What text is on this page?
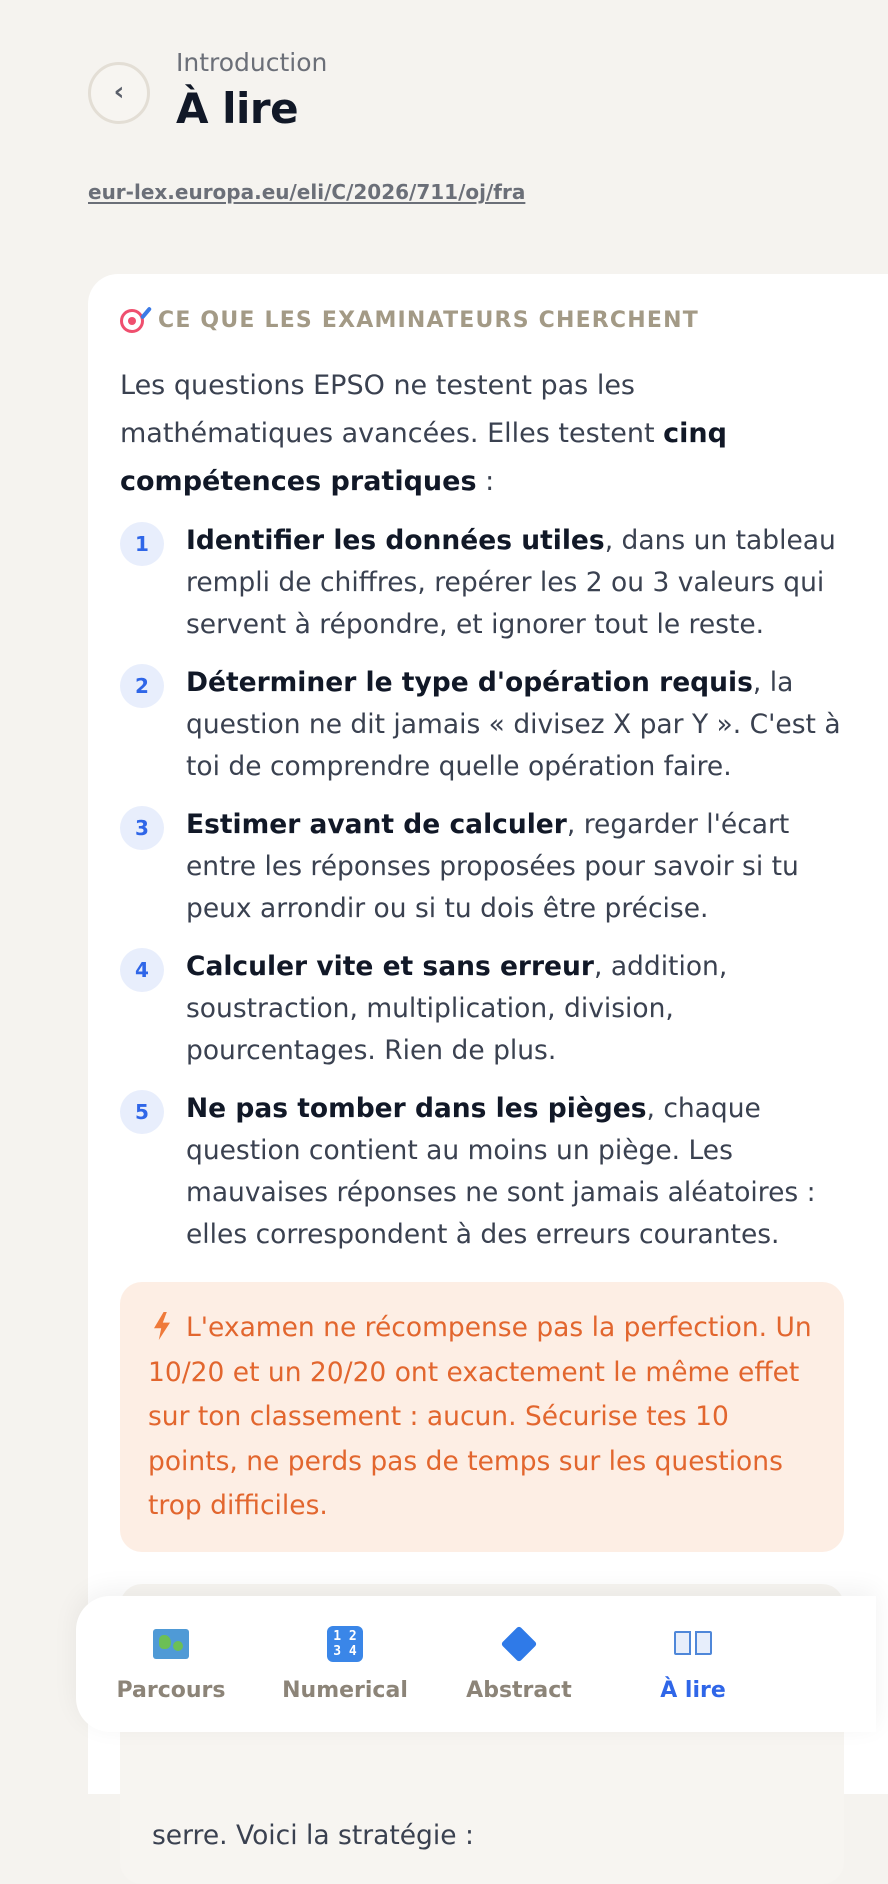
‹
Introduction
À lire
eur-lex.europa.eu/eli/C/2026/711/oj/fra
CE QUE LES EXAMINATEURS CHERCHENT

Les questions EPSO ne testent pas les mathématiques avancées. Elles testent cinq compétences pratiques :

1	Identifier les données utiles, dans un tableau rempli de chiffres, repérer les 2 ou 3 valeurs qui servent à répondre, et ignorer tout le reste.
2	Déterminer le type d'opération requis, la question ne dit jamais « divisez X par Y ». C'est à toi de comprendre quelle opération faire.
3	Estimer avant de calculer, regarder l'écart entre les réponses proposées pour savoir si tu peux arrondir ou si tu dois être précise.
4	Calculer vite et sans erreur, addition, soustraction, multiplication, division, pourcentages. Rien de plus.
5	Ne pas tomber dans les pièges, chaque question contient au moins un piège. Les mauvaises réponses ne sont jamais aléatoires : elles correspondent à des erreurs courantes.
L'examen ne récompense pas la perfection. Un 10/20 et un 20/20 ont exactement le même effet sur ton classement : aucun. Sécurise tes 10 points, ne perds pas de temps sur les questions trop difficiles.
serre. Voici la stratégie :
Parcours
1 2
3 4
Numerical	Abstract	À lire
